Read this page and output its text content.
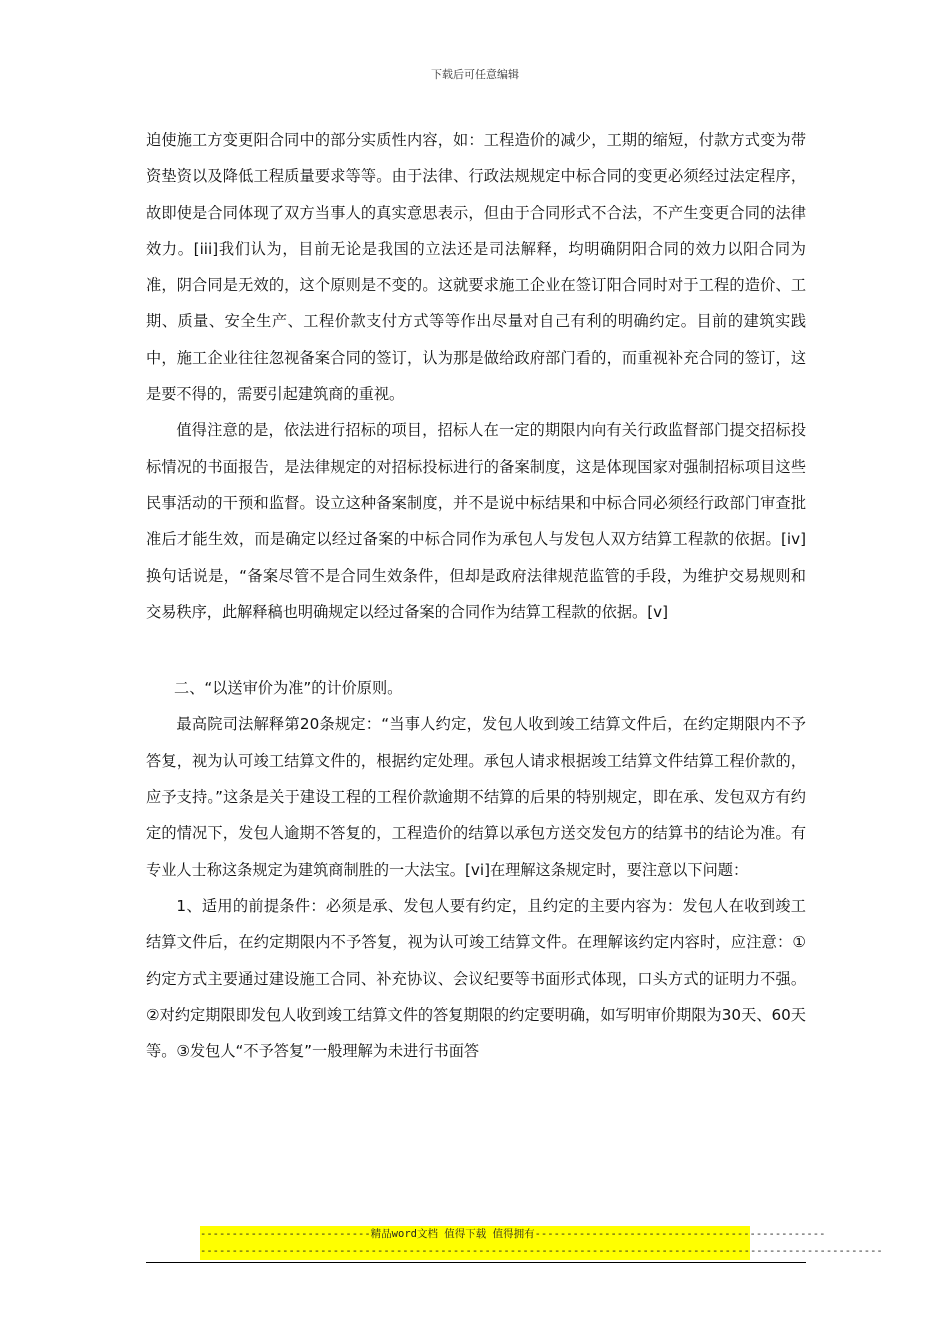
下载后可任意编辑

迫使施工方变更阳合同中的部分实质性内容，如：工程造价的减少，工期的缩短，付款方式变为带资垫资以及降低工程质量要求等等。由于法律、行政法规规定中标合同的变更必须经过法定程序，故即使是合同体现了双方当事人的真实意思表示，但由于合同形式不合法，不产生变更合同的法律效力。[iii]我们认为，目前无论是我国的立法还是司法解释，均明确阴阳合同的效力以阳合同为准，阴合同是无效的，这个原则是不变的。这就要求施工企业在签订阳合同时对于工程的造价、工期、质量、安全生产、工程价款支付方式等等作出尽量对自己有利的明确约定。目前的建筑实践中，施工企业往往忽视备案合同的签订，认为那是做给政府部门看的，而重视补充合同的签订，这是要不得的，需要引起建筑商的重视。

值得注意的是，依法进行招标的项目，招标人在一定的期限内向有关行政监督部门提交招标投标情况的书面报告，是法律规定的对招标投标进行的备案制度，这是体现国家对强制招标项目这些民事活动的干预和监督。设立这种备案制度，并不是说中标结果和中标合同必须经行政部门审查批准后才能生效，而是确定以经过备案的中标合同作为承包人与发包人双方结算工程款的依据。[iv]换句话说是，“备案尽管不是合同生效条件，但却是政府法律规范监管的手段，为维护交易规则和交易秩序，此解释稿也明确规定以经过备案的合同作为结算工程款的依据。[v]

二、“以送审价为准”的计价原则。

最高院司法解释第20条规定：“当事人约定，发包人收到竣工结算文件后，在约定期限内不予答复，视为认可竣工结算文件的，根据约定处理。承包人请求根据竣工结算文件结算工程价款的，应予支持。”这条是关于建设工程的工程价款逾期不结算的后果的特别规定，即在承、发包双方有约定的情况下，发包人逾期不答复的，工程造价的结算以承包方送交发包方的结算书的结论为准。有专业人士称这条规定为建筑商制胜的一大法宝。[vi]在理解这条规定时，要注意以下问题：

1、适用的前提条件：必须是承、发包人要有约定，且约定的主要内容为：发包人在收到竣工结算文件后，在约定期限内不予答复，视为认可竣工结算文件。在理解该约定内容时，应注意：①约定方式主要通过建设施工合同、补充协议、会议纪要等书面形式体现，口头方式的证明力不强。②对约定期限即发包人收到竣工结算文件的答复期限的约定要明确，如写明审价期限为30天、60天等。③发包人“不予答复”一般理解为未进行书面答

---------------------------精品word文档 值得下载 值得拥有----------------------------------------------
------------------------------------------------------------------------------------------------------------
